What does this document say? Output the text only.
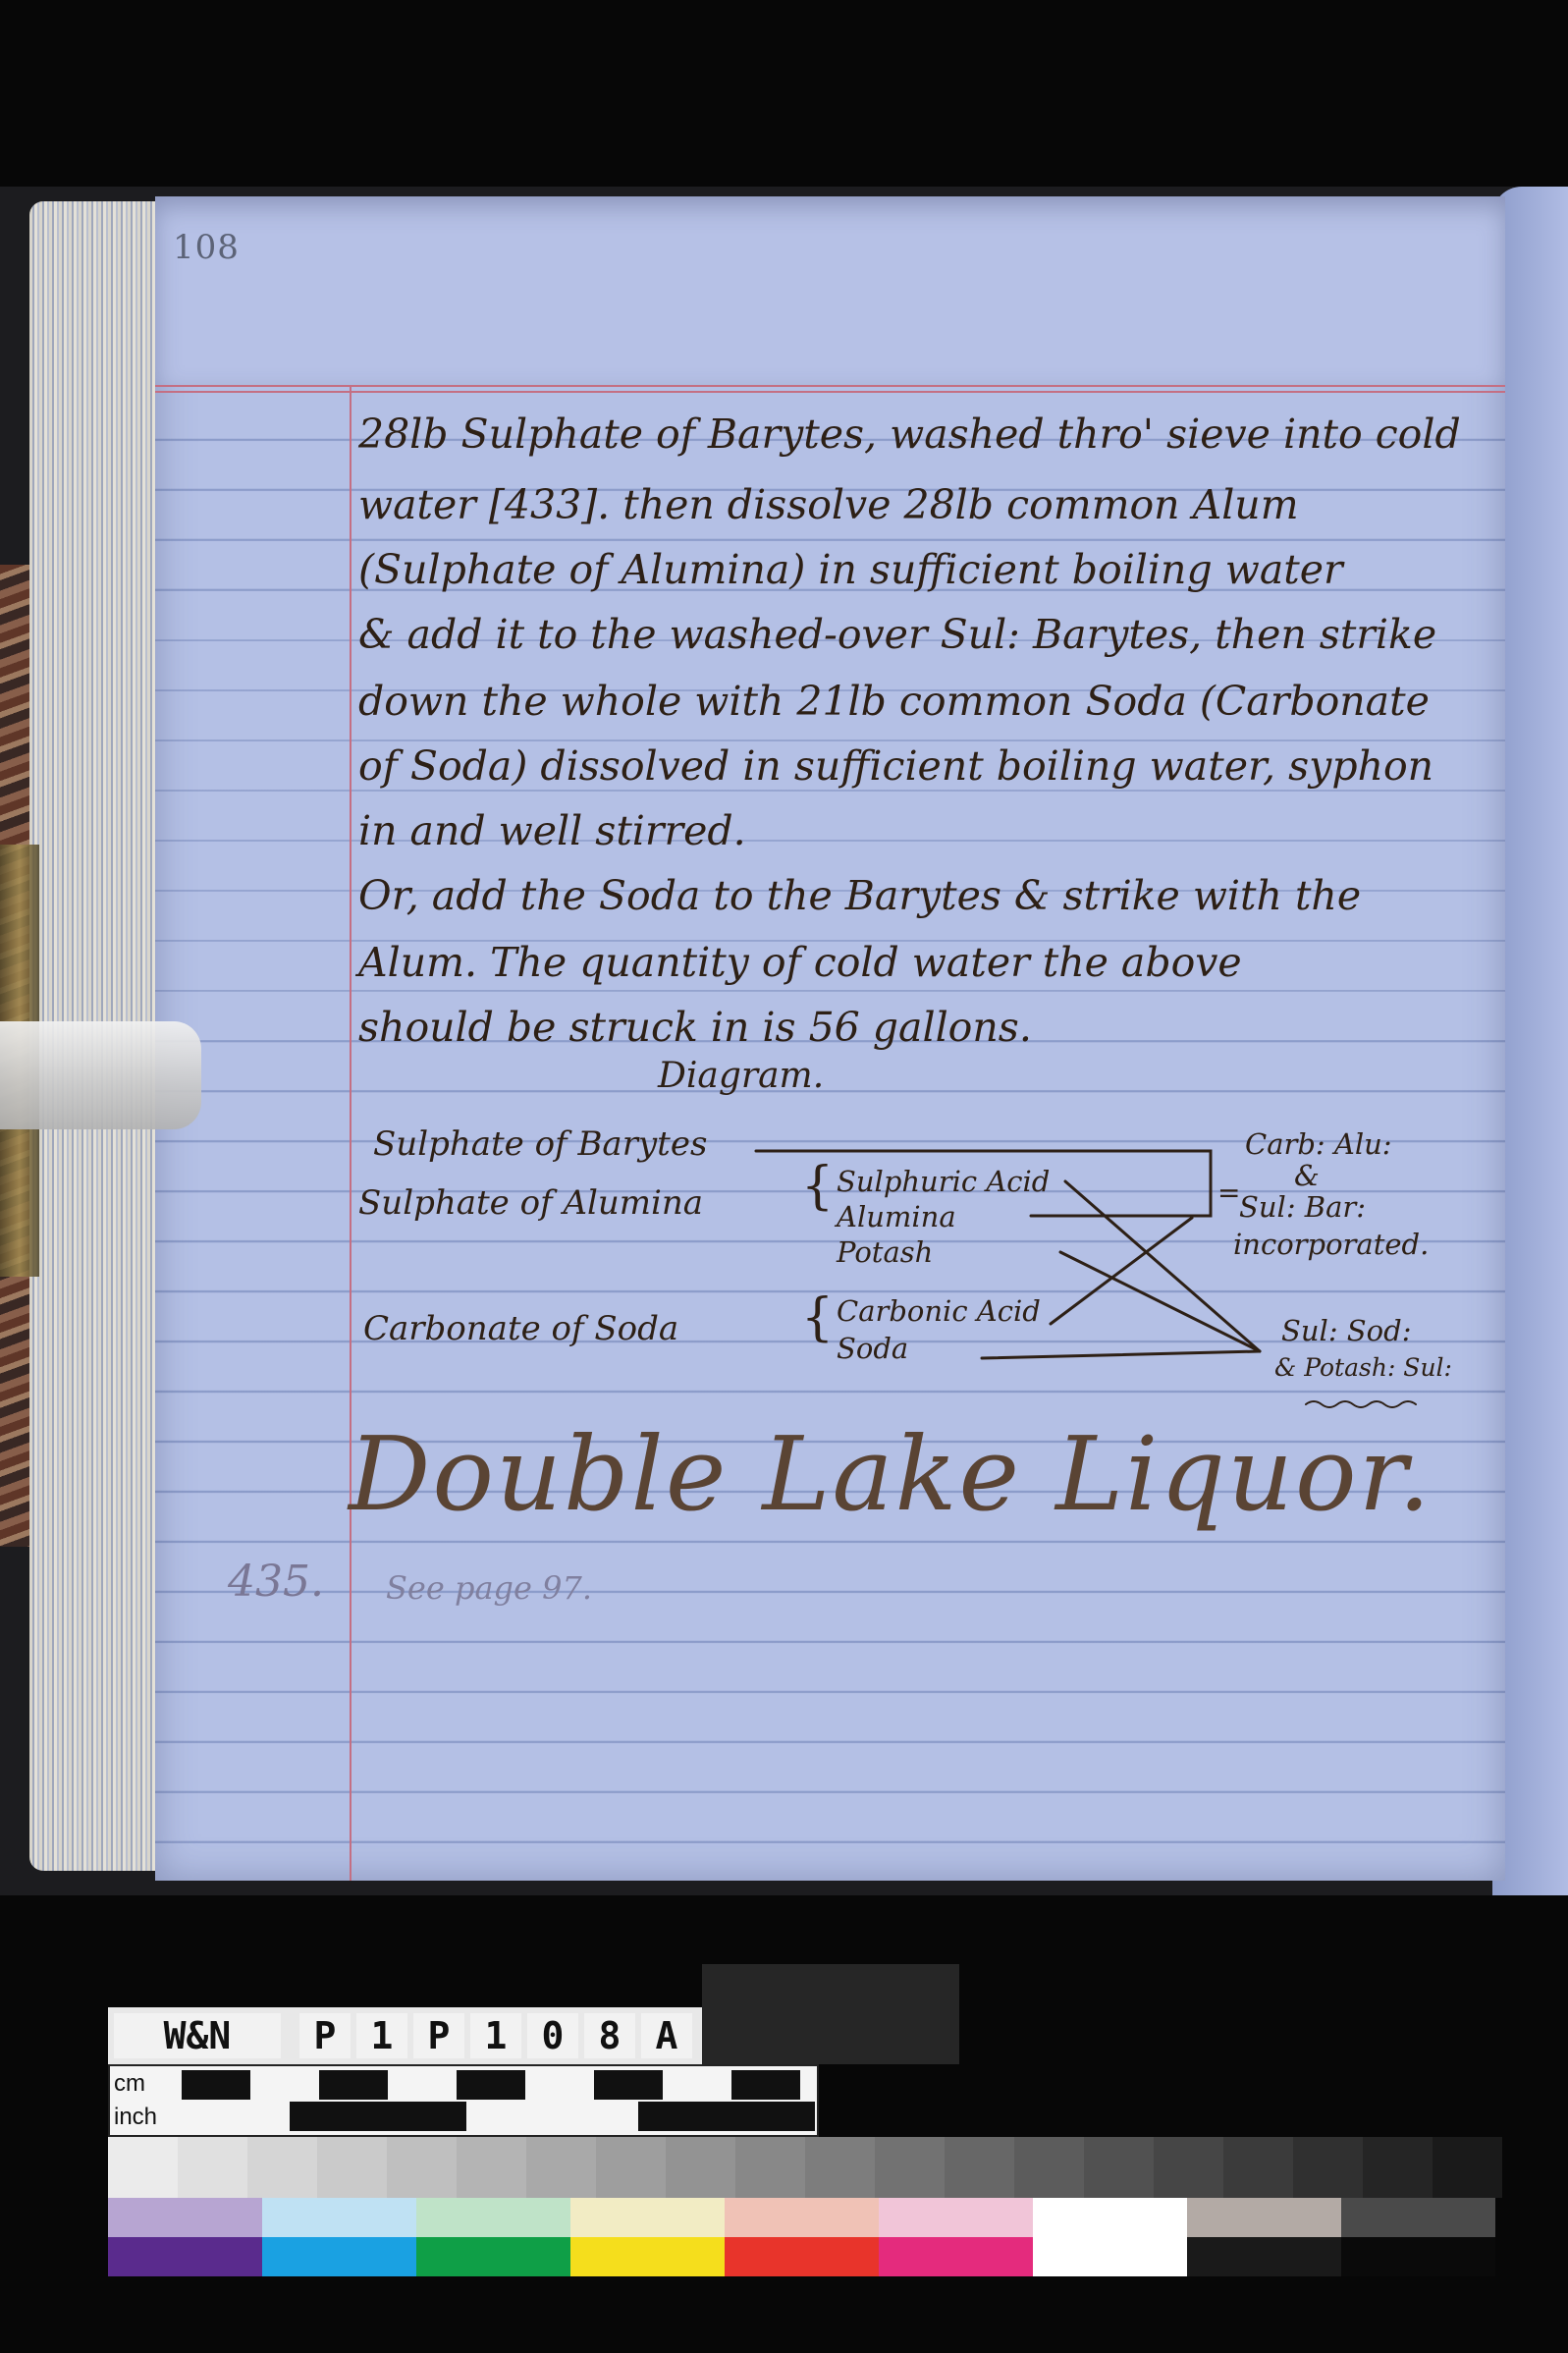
108
28lb Sulphate of Barytes, washed thro' sieve into cold
water [433]. then dissolve 28lb common Alum
(Sulphate of Alumina) in sufficient boiling water
& add it to the washed-over Sul: Barytes, then strike
down the whole with 21lb common Soda (Carbonate
of Soda) dissolved in sufficient boiling water, syphon
in and well stirred.
Or, add the Soda to the Barytes & strike with the
Alum. The quantity of cold water the above
should be struck in is 56 gallons.
Diagram.
Sulphate of Barytes
Sulphate of Alumina
Carbonate of Soda
{ Sulphuric Acid
Alumina
Potash
{ Carbonic Acid
Soda
=
Carb: Alu:
&
Sul: Bar:
incorporated.
Sul: Sod:
& Potash: Sul:
Double Lake Liquor.
435. See page 97.
W&N	P 1 P 1 0 8 A
cm
inch
